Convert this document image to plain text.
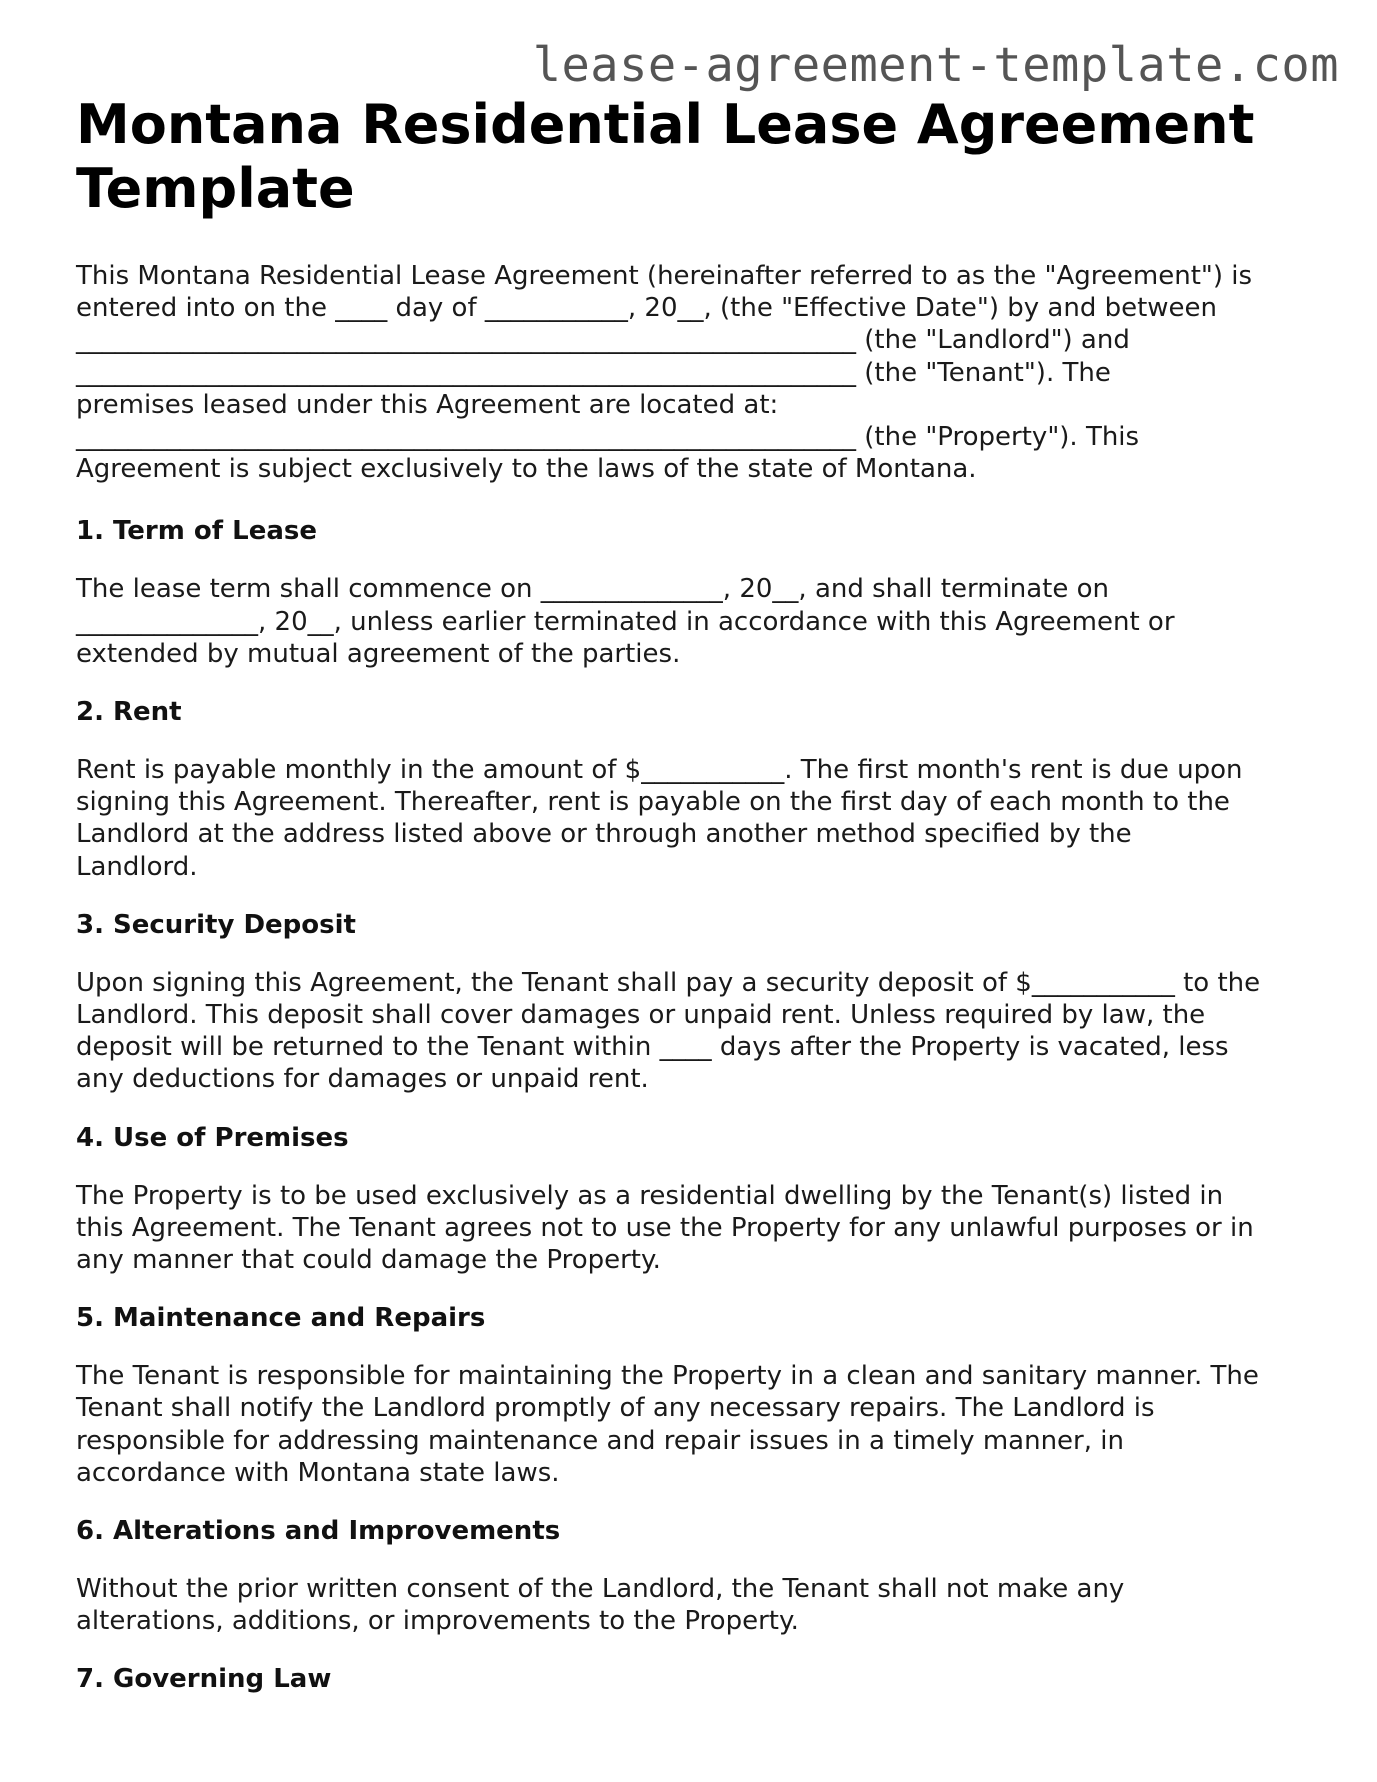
lease-agreement-template.com
Montana Residential Lease Agreement Template

This Montana Residential Lease Agreement (hereinafter referred to as the "Agreement") is
entered into on the ____ day of ___________, 20__, (the "Effective Date") by and between
____________________________________________________________ (the "Landlord") and
____________________________________________________________ (the "Tenant"). The
premises leased under this Agreement are located at:
____________________________________________________________ (the "Property"). This
Agreement is subject exclusively to the laws of the state of Montana.

1. Term of Lease

The lease term shall commence on ______________, 20__, and shall terminate on
______________, 20__, unless earlier terminated in accordance with this Agreement or
extended by mutual agreement of the parties.

2. Rent

Rent is payable monthly in the amount of $___________. The first month's rent is due upon
signing this Agreement. Thereafter, rent is payable on the first day of each month to the
Landlord at the address listed above or through another method specified by the
Landlord.

3. Security Deposit

Upon signing this Agreement, the Tenant shall pay a security deposit of $___________ to the
Landlord. This deposit shall cover damages or unpaid rent. Unless required by law, the
deposit will be returned to the Tenant within ____ days after the Property is vacated, less
any deductions for damages or unpaid rent.

4. Use of Premises

The Property is to be used exclusively as a residential dwelling by the Tenant(s) listed in
this Agreement. The Tenant agrees not to use the Property for any unlawful purposes or in
any manner that could damage the Property.

5. Maintenance and Repairs

The Tenant is responsible for maintaining the Property in a clean and sanitary manner. The
Tenant shall notify the Landlord promptly of any necessary repairs. The Landlord is
responsible for addressing maintenance and repair issues in a timely manner, in
accordance with Montana state laws.

6. Alterations and Improvements

Without the prior written consent of the Landlord, the Tenant shall not make any
alterations, additions, or improvements to the Property.

7. Governing Law
